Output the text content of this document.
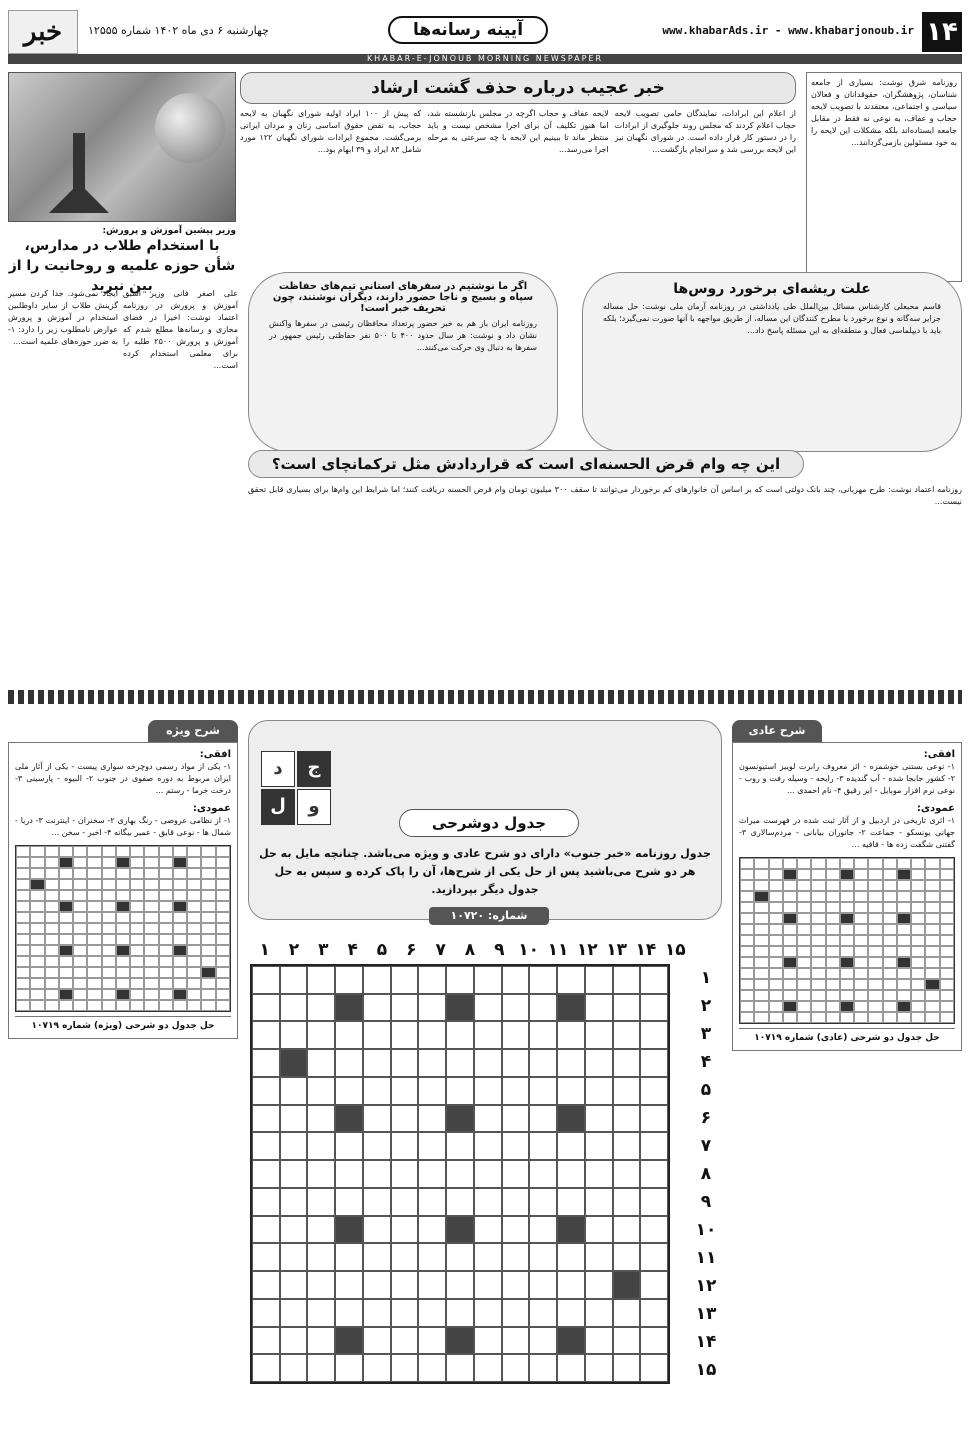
۱۴
www.khabarAds.ir - www.khabarjonoub.ir
آیینه رسانه‌ها
چهارشنبه ۶ دی ماه ۱۴۰۲ شماره ۱۲۵۵۵
خبر
KHABAR-E-JONOUB MORNING NEWSPAPER
روزنامه شرق نوشت: بسیاری از جامعه شناسان، پژوهشگران، حقوقدانان و فعالان سیاسی و اجتماعی، معتقدند با تصویب لایحه حجاب و عفاف، به نوعی نه فقط در مقابل جامعه ایستاده‌اند بلکه مشکلات این لایحه را به خود مسئولین بازمی‌گردانند...
خبر عجیب درباره حذف گشت ارشاد
از اعلام این ابرادات، نمایندگان حامی تصویب لایحه حجاب اعلام کردند که مجلس روند جلوگیری از ابرادات را در دستور کار قرار داده است. در شورای نگهبان نیز این لایحه بررسی شد و سرانجام بازگشت...
لایحه عفاف و حجاب اگرچه در مجلس بازنشسته شد، اما هنوز تکلیف آن برای اجرا مشخص نیست و باید منتظر ماند تا ببینیم این لایحه با چه سرعتی به مرحله اجرا می‌رسد...
که پیش از ۱۰۰ ایراد اولیه شورای نگهبان به لایحه حجاب، به نقض حقوق اساسی زنان و مردان ایرانی برمی‌گشت. مجموع ایرادات شورای نگهبان ۱۲۲ مورد شامل ۸۳ ایراد و ۳۹ ابهام بود...
وزیر پیشین آموزش و پرورش:
با استخدام طلاب در مدارس، شأن حوزه علمیه و روحانیت را از بین نبرید	علت ریشه‌ای برخورد روس‌ها
قاسم محبعلی کارشناس مسائل بین‌الملل طی یادداشتی در روزنامه آرمان ملی نوشت: حل مساله جزایر سه‌گانه و نوع برخورد با مطرح کنندگان این مساله، از طریق مواجهه با آنها صورت نمی‌گیرد؛ بلکه باید با دیپلماسی فعال و منطقه‌ای به این مسئله پاسخ داد...
اگر ما نوشتیم در سفرهای استانی تیم‌های حفاظت سپاه و بسیج و ناجا حضور دارند، دیگران نوشتند، چون تحریف خبر است!
روزنامه ایران باز هم به خبر حضور پرتعداد محافظان رئیسی در سفرها واکنش نشان داد و نوشت: هر سال حدود ۴۰۰ تا ۵۰۰ نفر حفاظتی رئیس جمهور در سفرها به دنبال وی حرکت می‌کنند...
علی اصغر فانی وزیر اسبق آموزش و پرورش در روزنامه اعتماد نوشت: اخیرا در فضای مجازی و رسانه‌ها مطلع شدم که آموزش و پرورش ۲۵۰۰ طلبه را برای معلمی استخدام کرده است...
ایجاد نمی‌شود. جدا کردن مسیر گزینش طلاب از سایر داوطلبین استخدام در آموزش و پرورش عوارض نامطلوب زیر را دارد: ۱- به ضرر حوزه‌های علمیه است...
این چه وام قرض الحسنه‌ای است که قراردادش مثل ترکمانچای است؟
روزنامه اعتماد نوشت: طرح مهربانی، چند بانک دولتی است که بر اساس آن خانوارهای کم برخوردار می‌توانند تا سقف ۳۰۰ میلیون تومان وام قرض الحسنه دریافت کنند؛ اما شرایط این وام‌ها برای بسیاری قابل تحقق نیست...
شرح ویژه
افقی:
۱- یکی از مواد رسمی دوچرخه سواری پیست - یکی از آثار ملی ایران مربوط به دوره صفوی در جنوب ۲- البیوه - پارسینی ۳- درخت خرما - رستم ...
عمودی:
۱- از نظامی عروضی - رنگ بهاری ۲- سخنران - اینترنت ۳- دریا - شمال ها - نوعی قایق - عمیر بیگانه ۴- اخبر - سخن ...
حل جدول دو شرحی (ویژه) شماره ۱۰۷۱۹
شرح عادی
افقی:
۱- نوعی بستنی خوشمزه - اثر معروف رابرت لوییز استیونسون ۲- کشور جابجا شده - آب گندیده ۳- رایحه - وسیله رفت و روب - نوعی نرم افزار موبایل - ابر رقیق ۴- نام احمدی ...
عمودی:
۱- اثری تاریخی در اردبیل و از آثار ثبت شده در فهرست میراث جهانی یونسکو - جماعت ۲- جانوران بیابانی - مردم‌سالاری ۳- گفتنی شگفت زده ها - قافیه ...
حل جدول دو شرحی (عادی) شماره ۱۰۷۱۹
ج
د
و
ل
جدول دوشرحی
جدول روزنامه «خبر جنوب» دارای دو شرح عادی و ویژه می‌باشد. چنانچه مایل به حل هر دو شرح می‌باشید پس از حل یکی از شرح‌ها، آن را پاک کرده و سپس به حل جدول دیگر بپردازید.
شماره: ۱۰۷۲۰
۱	۲	۳	۴	۵	۶	۷	۸	۹ ۱۰ ۱۱ ۱۲ ۱۳ ۱۴ ۱۵
۱
۲
۳
۴
۵
۶
۷
۸
۹
۱۰
۱۱
۱۲
۱۳
۱۴
۱۵
